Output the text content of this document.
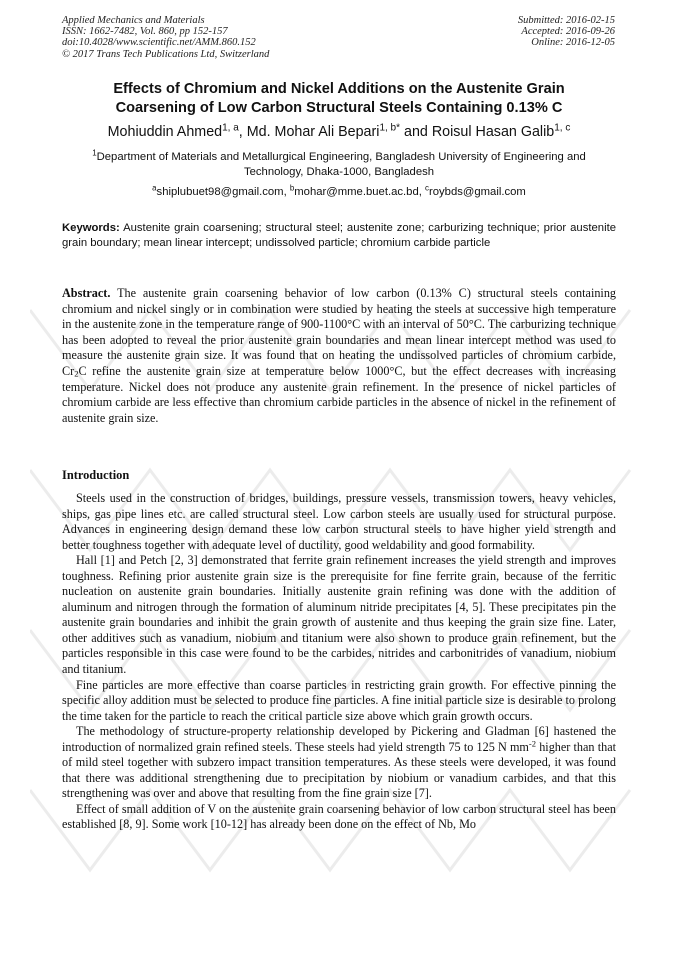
Applied Mechanics and Materials
ISSN: 1662-7482, Vol. 860, pp 152-157
doi:10.4028/www.scientific.net/AMM.860.152
© 2017 Trans Tech Publications Ltd, Switzerland
Submitted: 2016-02-15
Accepted: 2016-09-26
Online: 2016-12-05
Effects of Chromium and Nickel Additions on the Austenite Grain
Coarsening of Low Carbon Structural Steels Containing 0.13% C
Mohiuddin Ahmed$^{1, a}$, Md. Mohar Ali Bepari$^{1, b*}$ and Roisul Hasan Galib$^{1, c}$
$^1$Department of Materials and Metallurgical Engineering, Bangladesh University of Engineering and Technology, Dhaka-1000, Bangladesh
$^a$shiplubuet98@gmail.com, $^b$mohar@mme.buet.ac.bd, $^c$roybds@gmail.com
Keywords: Austenite grain coarsening; structural steel; austenite zone; carburizing technique; prior austenite grain boundary; mean linear intercept; undissolved particle; chromium carbide particle

Abstract. The austenite grain coarsening behavior of low carbon (0.13% C) structural steels containing chromium and nickel singly or in combination were studied by heating the steels at successive high temperature in the austenite zone in the temperature range of 900-1100°C with an interval of 50°C. The carburizing technique has been adopted to reveal the prior austenite grain boundaries and mean linear intercept method was used to measure the austenite grain size. It was found that on heating the undissolved particles of chromium carbide, $Cr_2C$ refine the austenite grain size at temperature below 1000°C, but the effect decreases with increasing temperature. Nickel does not produce any austenite grain refinement. In the presence of nickel particles of chromium carbide are less effective than chromium carbide particles in the absence of nickel in the refinement of austenite grain size.

Introduction

Steels used in the construction of bridges, buildings, pressure vessels, transmission towers, heavy vehicles, ships, gas pipe lines etc. are called structural steel. Low carbon steels are usually used for structural purpose. Advances in engineering design demand these low carbon structural steels to have higher yield strength and better toughness together with adequate level of ductility, good weldability and good formability.

Hall [1] and Petch [2, 3] demonstrated that ferrite grain refinement increases the yield strength and improves toughness. Refining prior austenite grain size is the prerequisite for fine ferrite grain, because of the ferritic nucleation on austenite grain boundaries. Initially austenite grain refining was done with the addition of aluminum and nitrogen through the formation of aluminum nitride precipitates [4, 5]. These precipitates pin the austenite grain boundaries and inhibit the grain growth of austenite and thus keeping the grain size fine. Later, other additives such as vanadium, niobium and titanium were also shown to produce grain refinement, but the particles responsible in this case were found to be the carbides, nitrides and carbonitrides of vanadium, niobium and titanium.

Fine particles are more effective than coarse particles in restricting grain growth. For effective pinning the specific alloy addition must be selected to produce fine particles. A fine initial particle size is desirable to prolong the time taken for the particle to reach the critical particle size above which grain growth occurs.

The methodology of structure-property relationship developed by Pickering and Gladman [6] hastened the introduction of normalized grain refined steels. These steels had yield strength 75 to 125 N $mm^{-2}$ higher than that of mild steel together with subzero impact transition temperatures. As these steels were developed, it was found that there was additional strengthening due to precipitation by niobium or vanadium carbides, and that this strengthening was over and above that resulting from the fine grain size [7].

Effect of small addition of V on the austenite grain coarsening behavior of low carbon structural steel has been established [8, 9]. Some work [10-12] has already been done on the effect of Nb, Mo
